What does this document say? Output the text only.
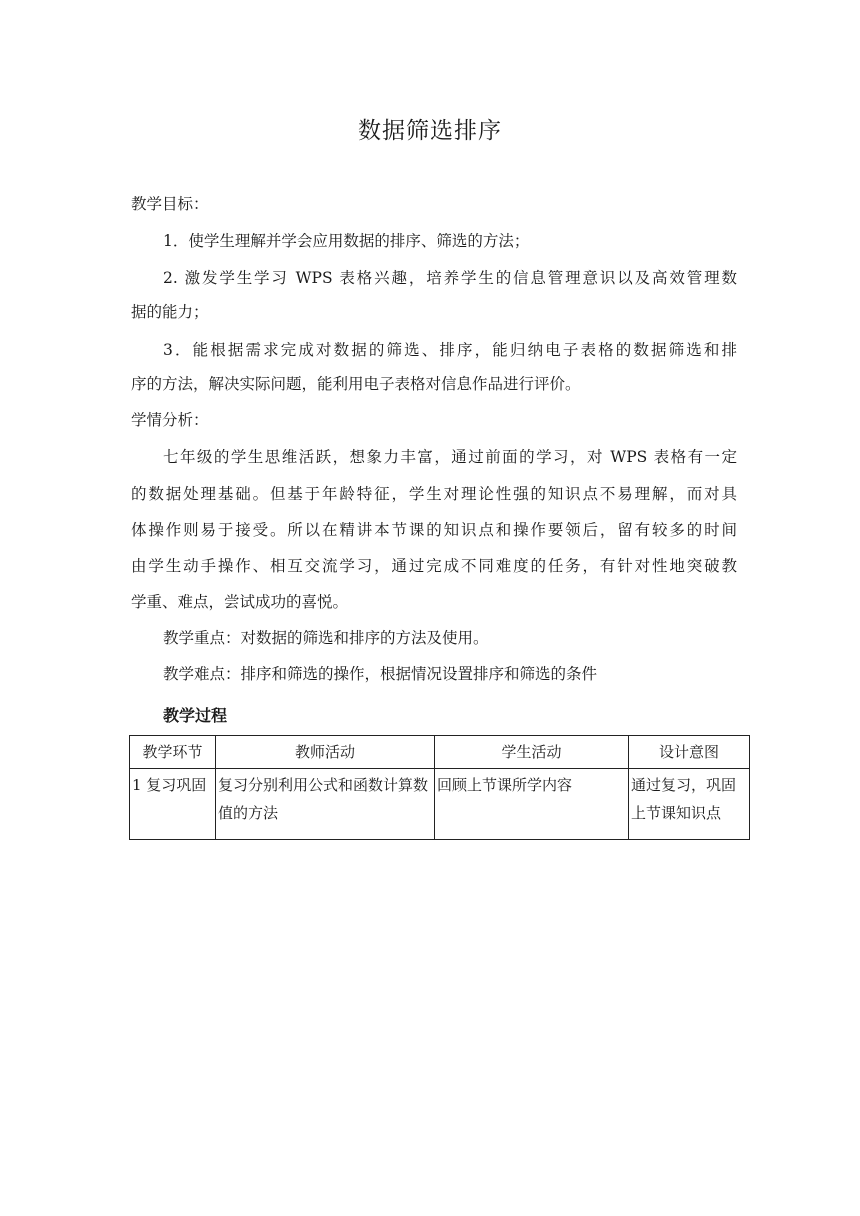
数据筛选排序
教学目标：
1．使学生理解并学会应用数据的排序、筛选的方法；
2. 激发学生学习 WPS 表格兴趣，培养学生的信息管理意识以及高效管理数
据的能力；
3．能根据需求完成对数据的筛选、排序，能归纳电子表格的数据筛选和排
序的方法，解决实际问题，能利用电子表格对信息作品进行评价。
学情分析：
七年级的学生思维活跃，想象力丰富，通过前面的学习，对 WPS 表格有一定
的数据处理基础。但基于年龄特征，学生对理论性强的知识点不易理解，而对具
体操作则易于接受。所以在精讲本节课的知识点和操作要领后，留有较多的时间
由学生动手操作、相互交流学习，通过完成不同难度的任务，有针对性地突破教
学重、难点，尝试成功的喜悦。
教学重点：对数据的筛选和排序的方法及使用。
教学难点：排序和筛选的操作，根据情况设置排序和筛选的条件
教学过程
教学环节	教师活动	学生活动	设计意图
1 复习巩固	复习分别利用公式和函数计算数值的方法	回顾上节课所学内容	通过复习，巩固上节课知识点
